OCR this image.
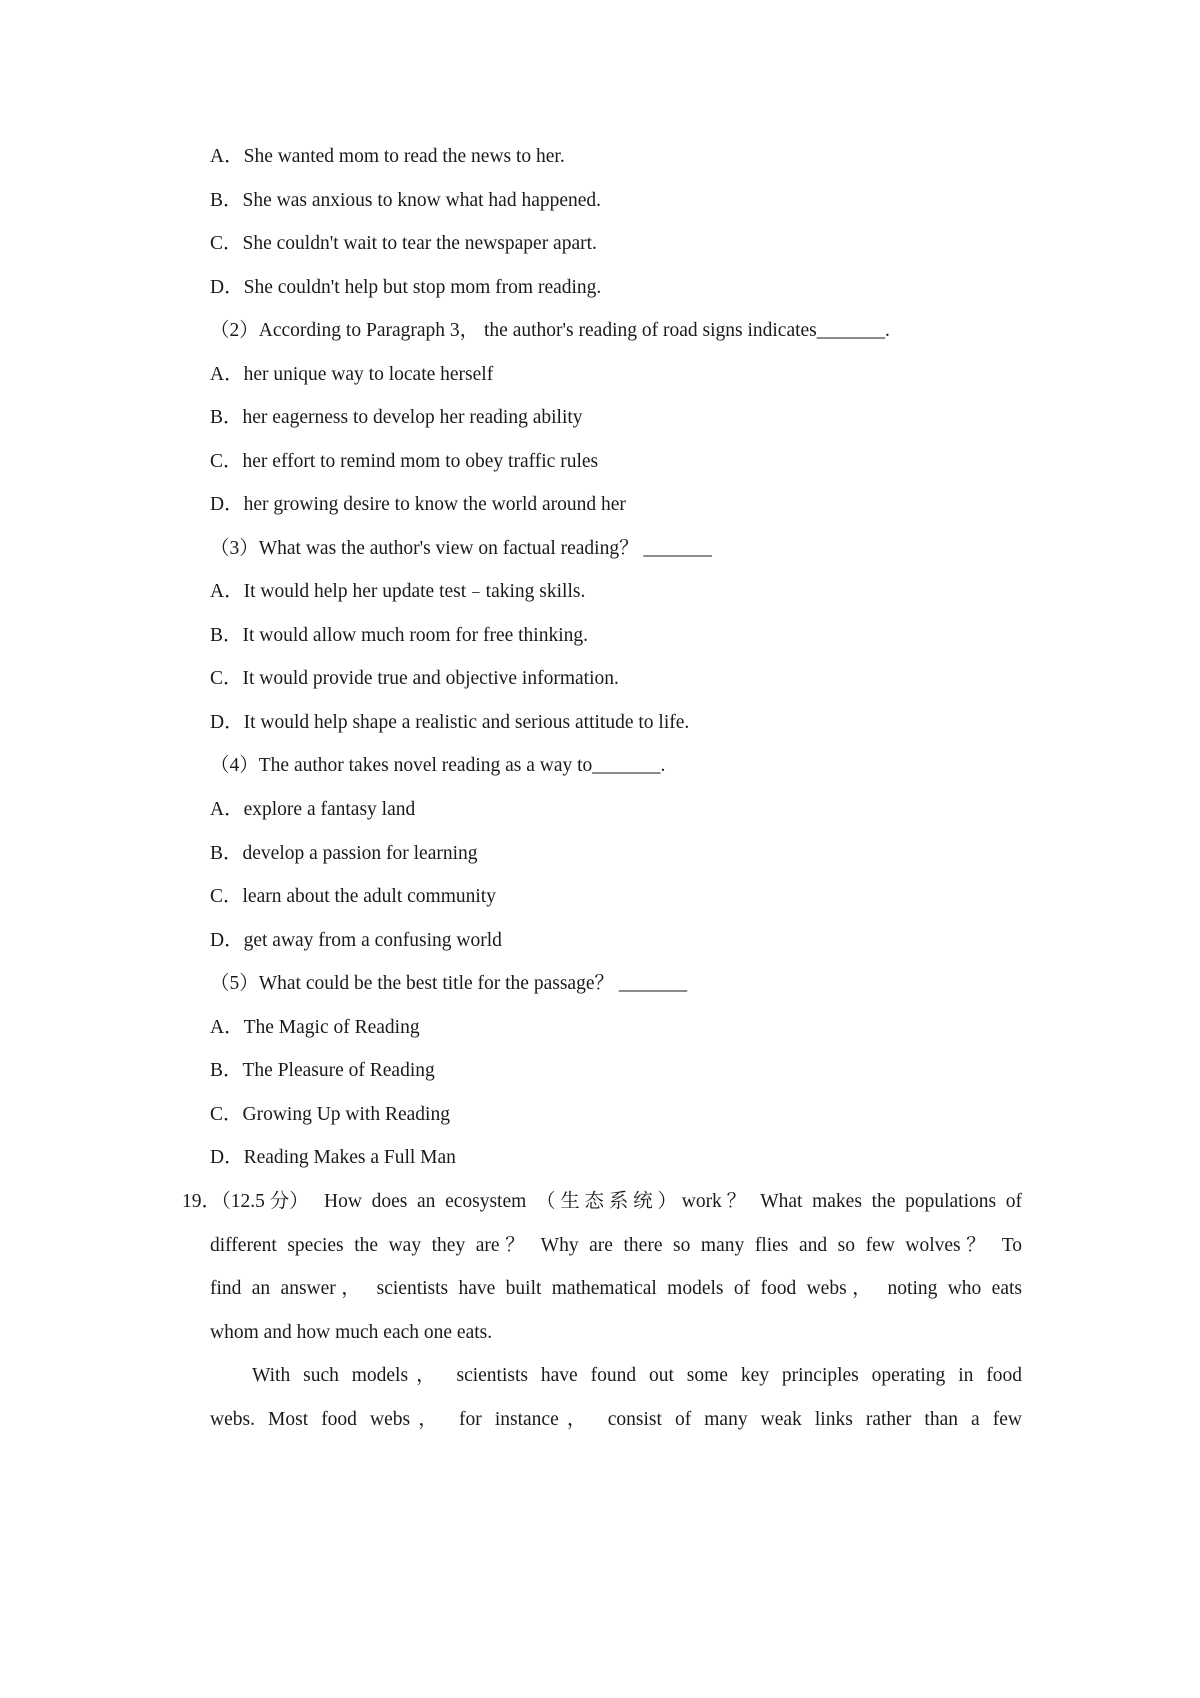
A．She wanted mom to read the news to her.
B．She was anxious to know what had happened.
C．She couldn't wait to tear the newspaper apart.
D．She couldn't help but stop mom from reading.
（2）According to Paragraph 3， the author's reading of road signs indicates_______.
A．her unique way to locate herself
B．her eagerness to develop her reading ability
C．her effort to remind mom to obey traffic rules
D．her growing desire to know the world around her
（3）What was the author's view on factual reading？ _______
A．It would help her update test﹣taking skills.
B．It would allow much room for free thinking.
C．It would provide true and objective information.
D．It would help shape a realistic and serious attitude to life.
（4）The author takes novel reading as a way to_______.
A．explore a fantasy land
B．develop a passion for learning
C．learn about the adult community
D．get away from a confusing world
（5）What could be the best title for the passage？ _______
A．The Magic of Reading
B．The Pleasure of Reading
C．Growing Up with Reading
D．Reading Makes a Full Man
19．（12.5 分） How does an ecosystem （生态系统）work？ What makes the populations of
different species the way they are？ Why are there so many flies and so few wolves？ To
find an answer， scientists have built mathematical models of food webs， noting who eats
whom and how much each one eats.
With such models， scientists have found out some key principles operating in food
webs. Most food webs， for instance， consist of many weak links rather than a few
